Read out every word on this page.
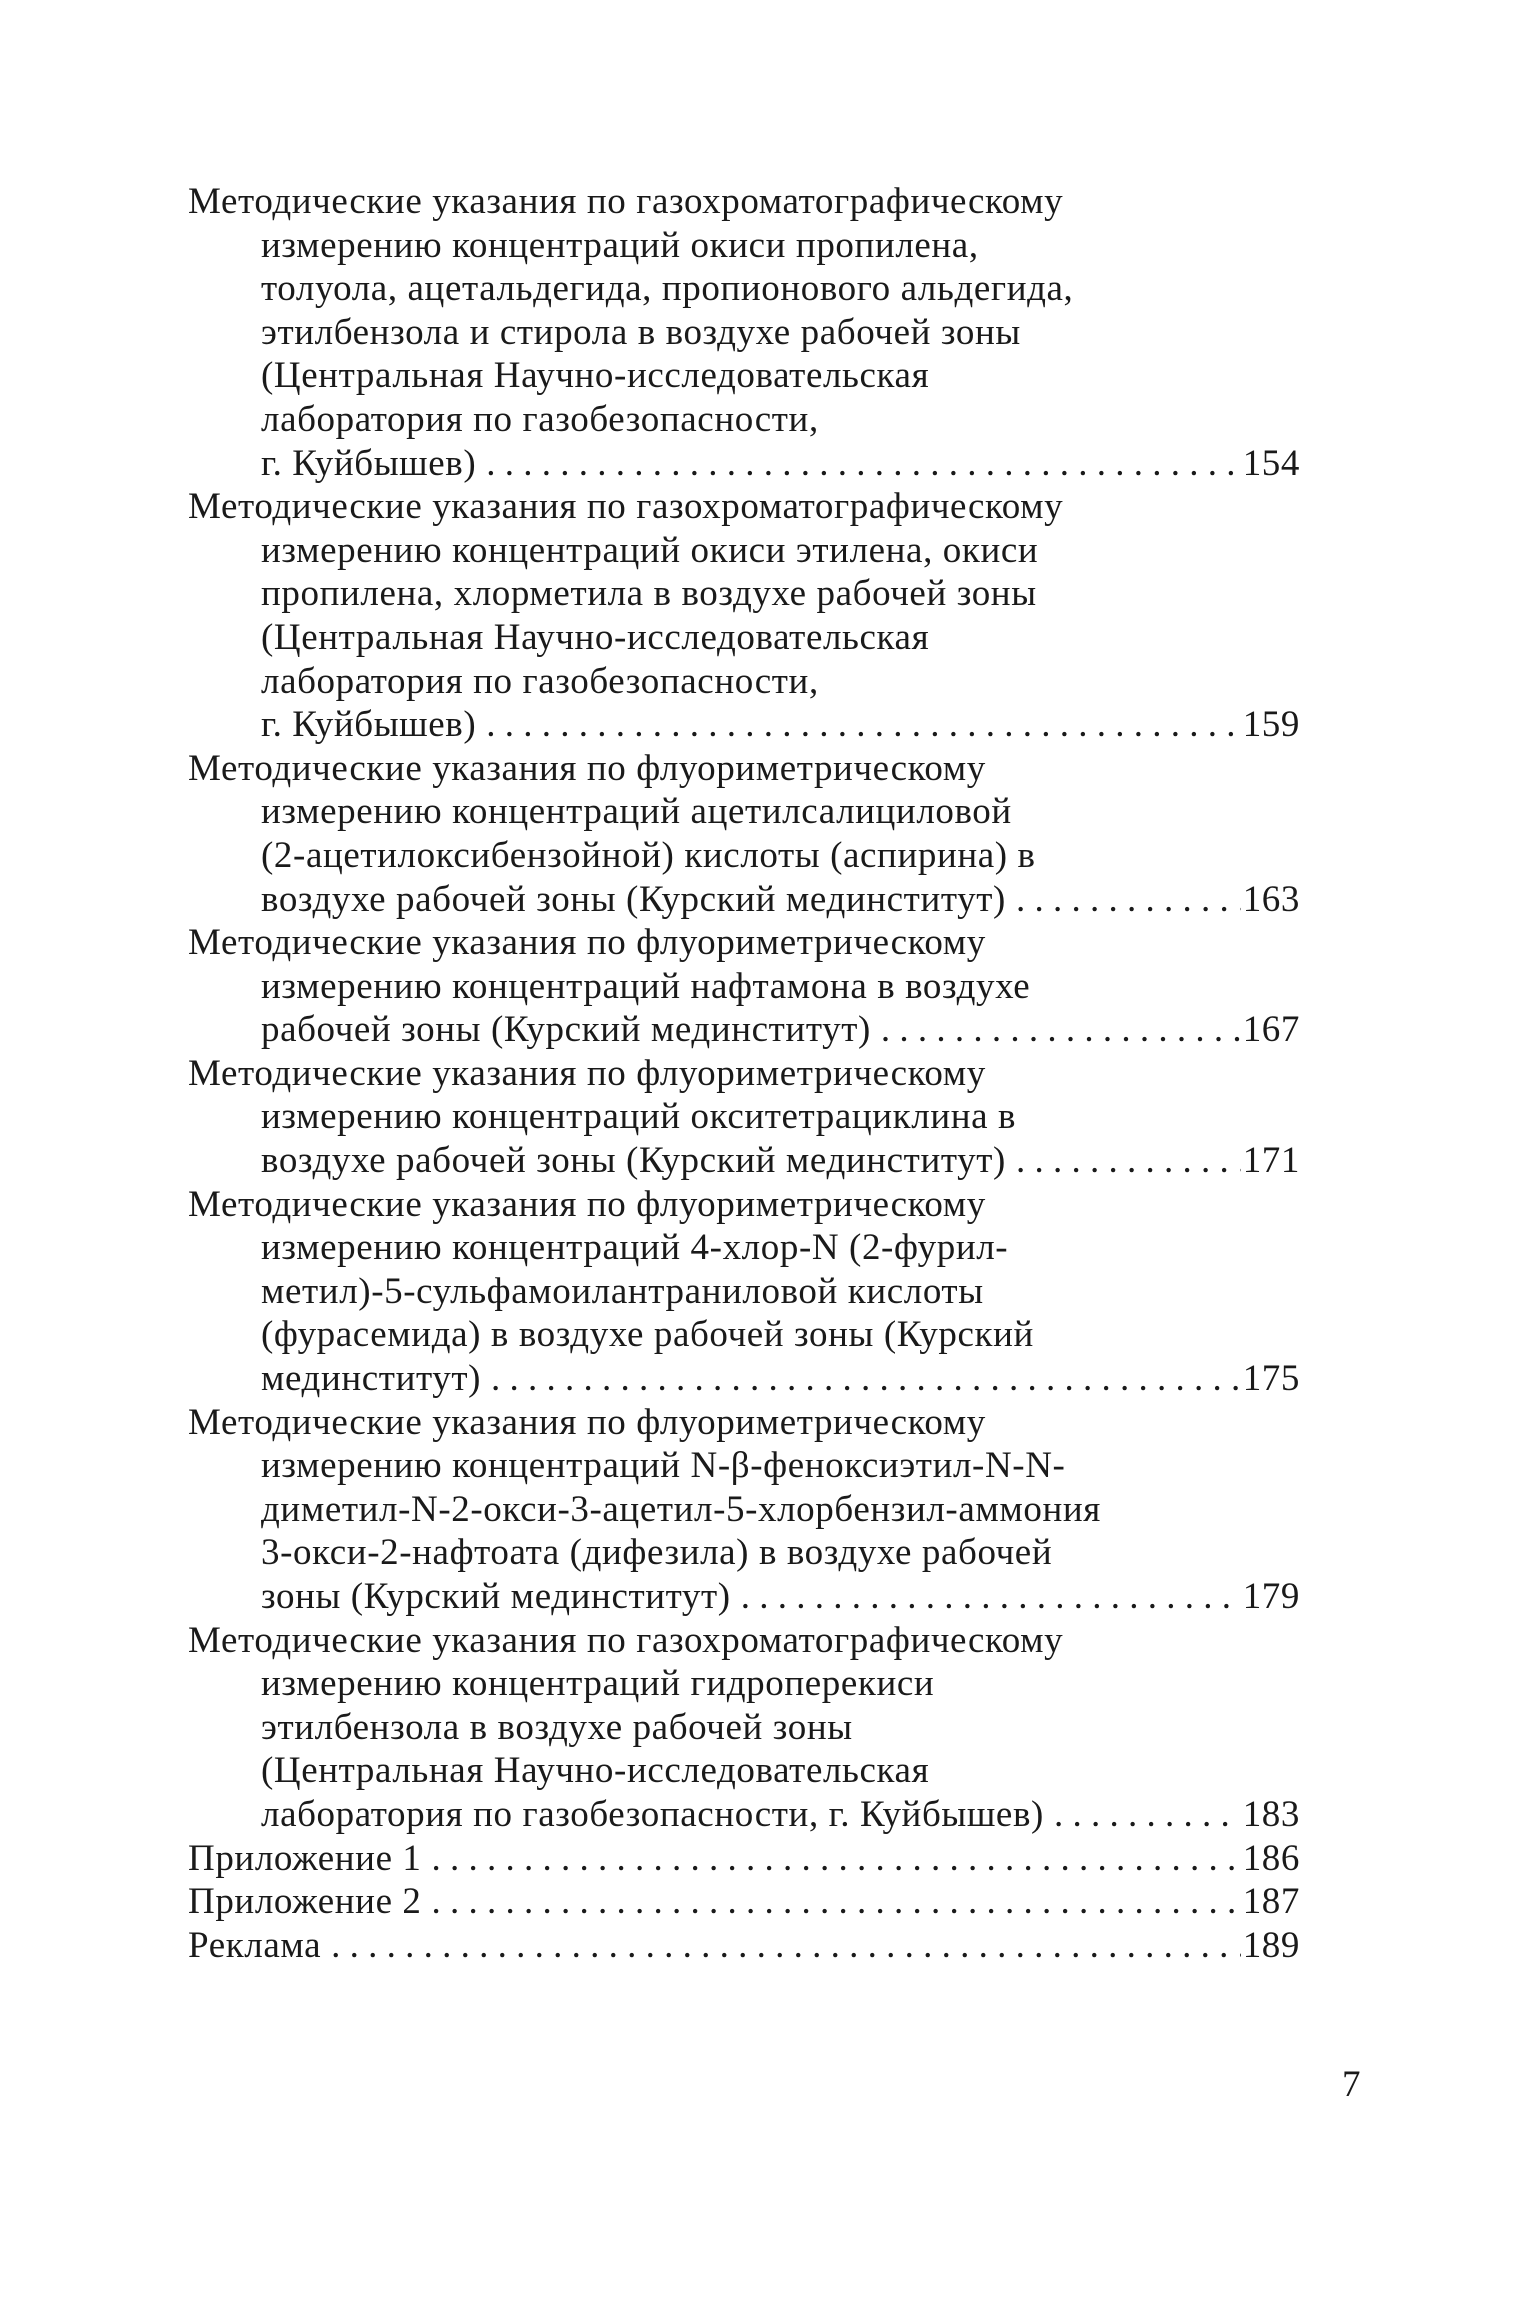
Методические указания по газохроматографическому
измерению концентраций окиси пропилена,
толуола, ацетальдегида, пропионового альдегида,
этилбензола и стирола в воздухе рабочей зоны
(Центральная Научно-исследовательская
лаборатория по газобезопасности,
г. Куйбышев) . . .	154
Методические указания по газохроматографическому
измерению концентраций окиси этилена, окиси
пропилена, хлорметила в воздухе рабочей зоны
(Центральная Научно-исследовательская
лаборатория по газобезопасности,
г. Куйбышев) . . .	159
Методические указания по флуориметрическому
измерению концентраций ацетилсалициловой
(2-ацетилоксибензойной) кислоты (аспирина) в
воздухе рабочей зоны (Курский мединститут) . . .	163
Методические указания по флуориметрическому
измерению концентраций нафтамона в воздухе
рабочей зоны (Курский мединститут) . . .	167
Методические указания по флуориметрическому
измерению концентраций окситетрациклина в
воздухе рабочей зоны (Курский мединститут) . . .	171
Методические указания по флуориметрическому
измерению концентраций 4-хлор-N (2-фурил-
метил)-5-сульфамоилантраниловой кислоты
(фурасемида) в воздухе рабочей зоны (Курский
мединститут) . . .	175
Методические указания по флуориметрическому
измерению концентраций N-β-феноксиэтил-N-N-
диметил-N-2-окси-3-ацетил-5-хлорбензил-аммония
3-окси-2-нафтоата (дифезила) в воздухе рабочей
зоны (Курский мединститут) . . .	179
Методические указания по газохроматографическому
измерению концентраций гидроперекиси
этилбензола в воздухе рабочей зоны
(Центральная Научно-исследовательская
лаборатория по газобезопасности, г. Куйбышев) . . .	183
Приложение 1 . . .	186
Приложение 2 . . .	187
Реклама . . .	189
7
